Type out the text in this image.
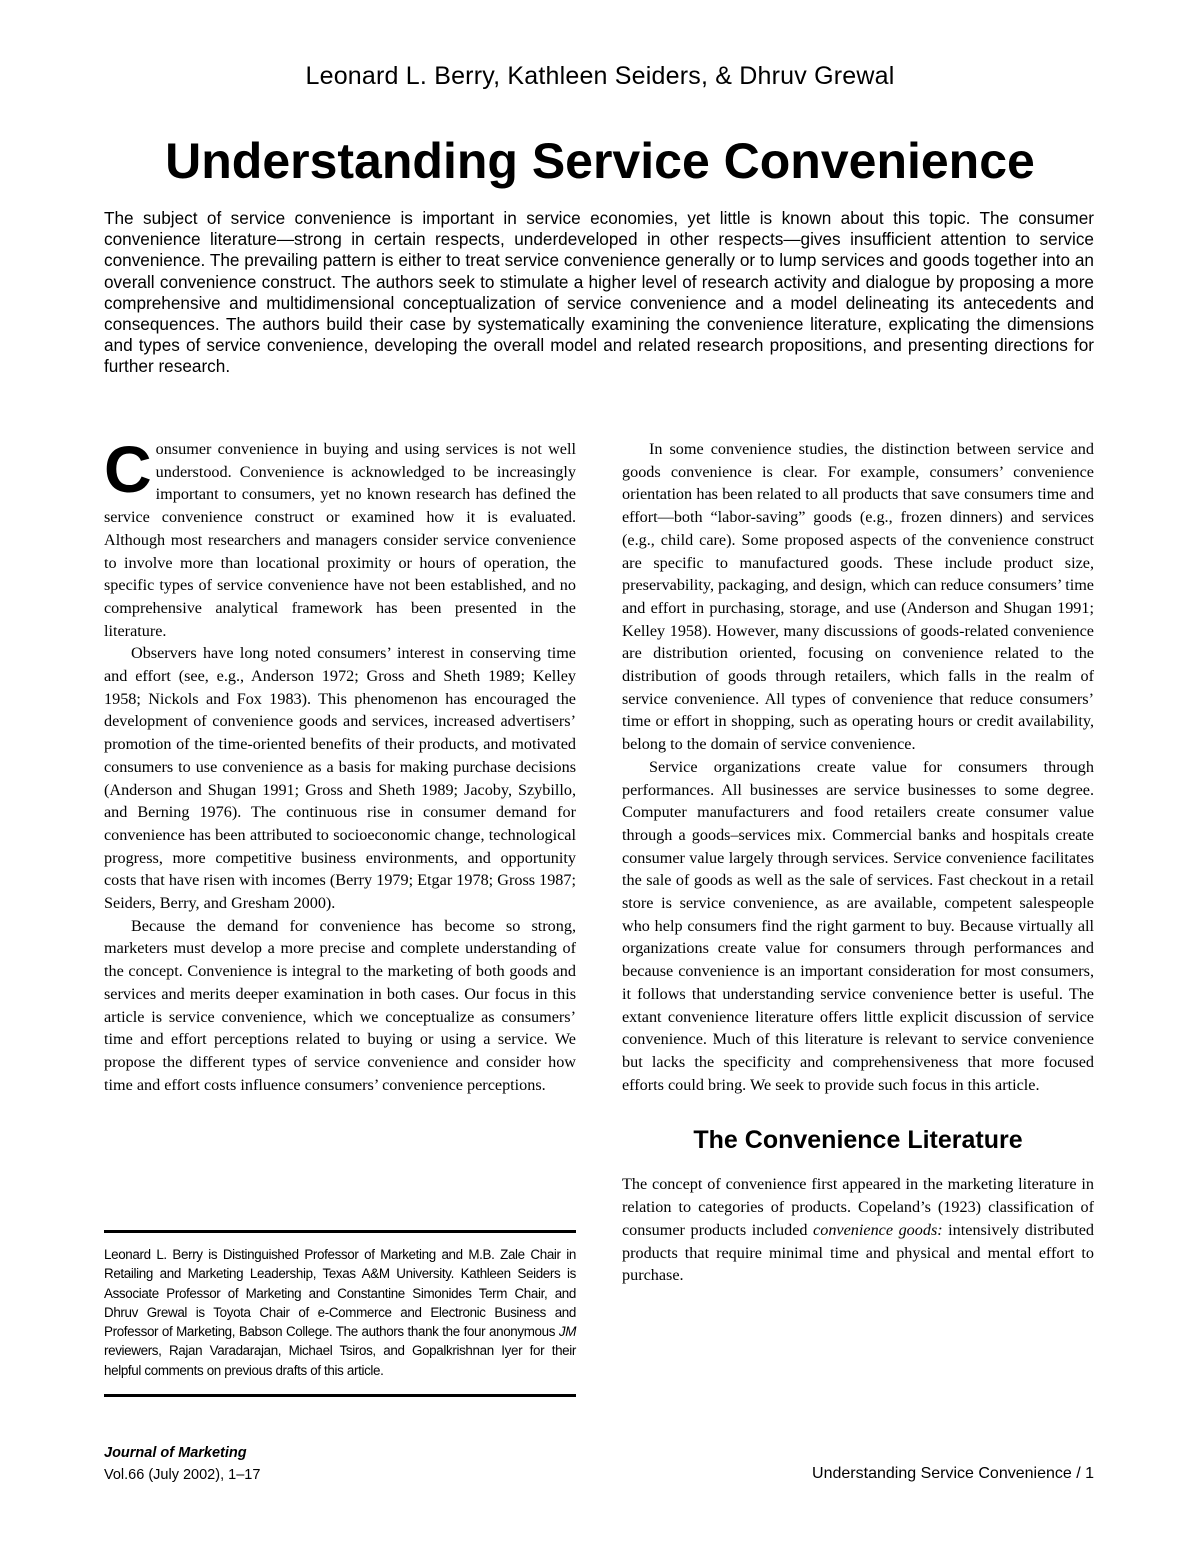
Leonard L. Berry, Kathleen Seiders, & Dhruv Grewal
Understanding Service Convenience

The subject of service convenience is important in service economies, yet little is known about this topic. The consumer convenience literature—strong in certain respects, underdeveloped in other respects—gives insufficient attention to service convenience. The prevailing pattern is either to treat service convenience generally or to lump services and goods together into an overall convenience construct. The authors seek to stimulate a higher level of research activity and dialogue by proposing a more comprehensive and multidimensional conceptualization of service convenience and a model delineating its antecedents and consequences. The authors build their case by systematically examining the convenience literature, explicating the dimensions and types of service convenience, developing the overall model and related research propositions, and presenting directions for further research.

Consumer convenience in buying and using services is not well understood. Convenience is acknowledged to be increasingly important to consumers, yet no known research has defined the service convenience construct or examined how it is evaluated. Although most researchers and managers consider service convenience to involve more than locational proximity or hours of operation, the specific types of service convenience have not been established, and no comprehensive analytical framework has been presented in the literature.

Observers have long noted consumers’ interest in conserving time and effort (see, e.g., Anderson 1972; Gross and Sheth 1989; Kelley 1958; Nickols and Fox 1983). This phenomenon has encouraged the development of convenience goods and services, increased advertisers’ promotion of the time-oriented benefits of their products, and motivated consumers to use convenience as a basis for making purchase decisions (Anderson and Shugan 1991; Gross and Sheth 1989; Jacoby, Szybillo, and Berning 1976). The continuous rise in consumer demand for convenience has been attributed to socioeconomic change, technological progress, more competitive business environments, and opportunity costs that have risen with incomes (Berry 1979; Etgar 1978; Gross 1987; Seiders, Berry, and Gresham 2000).

Because the demand for convenience has become so strong, marketers must develop a more precise and complete understanding of the concept. Convenience is integral to the marketing of both goods and services and merits deeper examination in both cases. Our focus in this article is service convenience, which we conceptualize as consumers’ time and effort perceptions related to buying or using a service. We propose the different types of service convenience and consider how time and effort costs influence consumers’ convenience perceptions.

Leonard L. Berry is Distinguished Professor of Marketing and M.B. Zale Chair in Retailing and Marketing Leadership, Texas A&M University. Kathleen Seiders is Associate Professor of Marketing and Constantine Simonides Term Chair, and Dhruv Grewal is Toyota Chair of e-Commerce and Electronic Business and Professor of Marketing, Babson College. The authors thank the four anonymous JM reviewers, Rajan Varadarajan, Michael Tsiros, and Gopalkrishnan Iyer for their helpful comments on previous drafts of this article.

In some convenience studies, the distinction between service and goods convenience is clear. For example, consumers’ convenience orientation has been related to all products that save consumers time and effort—both “labor-saving” goods (e.g., frozen dinners) and services (e.g., child care). Some proposed aspects of the convenience construct are specific to manufactured goods. These include product size, preservability, packaging, and design, which can reduce consumers’ time and effort in purchasing, storage, and use (Anderson and Shugan 1991; Kelley 1958). However, many discussions of goods-related convenience are distribution oriented, focusing on convenience related to the distribution of goods through retailers, which falls in the realm of service convenience. All types of convenience that reduce consumers’ time or effort in shopping, such as operating hours or credit availability, belong to the domain of service convenience.

Service organizations create value for consumers through performances. All businesses are service businesses to some degree. Computer manufacturers and food retailers create consumer value through a goods–services mix. Commercial banks and hospitals create consumer value largely through services. Service convenience facilitates the sale of goods as well as the sale of services. Fast checkout in a retail store is service convenience, as are available, competent salespeople who help consumers find the right garment to buy. Because virtually all organizations create value for consumers through performances and because convenience is an important consideration for most consumers, it follows that understanding service convenience better is useful. The extant convenience literature offers little explicit discussion of service convenience. Much of this literature is relevant to service convenience but lacks the specificity and comprehensiveness that more focused efforts could bring. We seek to provide such focus in this article.

The Convenience Literature

The concept of convenience first appeared in the marketing literature in relation to categories of products. Copeland’s (1923) classification of consumer products included convenience goods: intensively distributed products that require minimal time and physical and mental effort to purchase.

Journal of Marketing
Vol.66 (July 2002), 1–17	Understanding Service Convenience / 1
